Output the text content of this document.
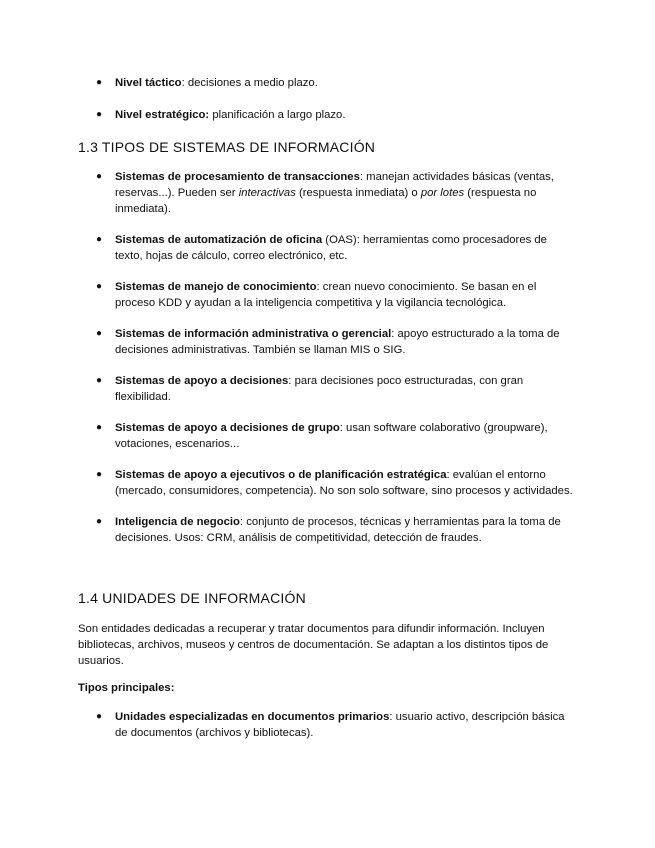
● Nivel táctico: decisiones a medio plazo.
● Nivel estratégico: planificación a largo plazo.
1.3 TIPOS DE SISTEMAS DE INFORMACIÓN
● Sistemas de procesamiento de transacciones: manejan actividades básicas (ventas, reservas...). Pueden ser interactivas (respuesta inmediata) o por lotes (respuesta no inmediata).
● Sistemas de automatización de oficina (OAS): herramientas como procesadores de texto, hojas de cálculo, correo electrónico, etc.
● Sistemas de manejo de conocimiento: crean nuevo conocimiento. Se basan en el proceso KDD y ayudan a la inteligencia competitiva y la vigilancia tecnológica.
● Sistemas de información administrativa o gerencial: apoyo estructurado a la toma de decisiones administrativas. También se llaman MIS o SIG.
● Sistemas de apoyo a decisiones: para decisiones poco estructuradas, con gran flexibilidad.
● Sistemas de apoyo a decisiones de grupo: usan software colaborativo (groupware), votaciones, escenarios...
● Sistemas de apoyo a ejecutivos o de planificación estratégica: evalúan el entorno (mercado, consumidores, competencia). No son solo software, sino procesos y actividades.
● Inteligencia de negocio: conjunto de procesos, técnicas y herramientas para la toma de decisiones. Usos: CRM, análisis de competitividad, detección de fraudes.
1.4 UNIDADES DE INFORMACIÓN

Son entidades dedicadas a recuperar y tratar documentos para difundir información. Incluyen bibliotecas, archivos, museos y centros de documentación. Se adaptan a los distintos tipos de usuarios.

Tipos principales:

● Unidades especializadas en documentos primarios: usuario activo, descripción básica de documentos (archivos y bibliotecas).
